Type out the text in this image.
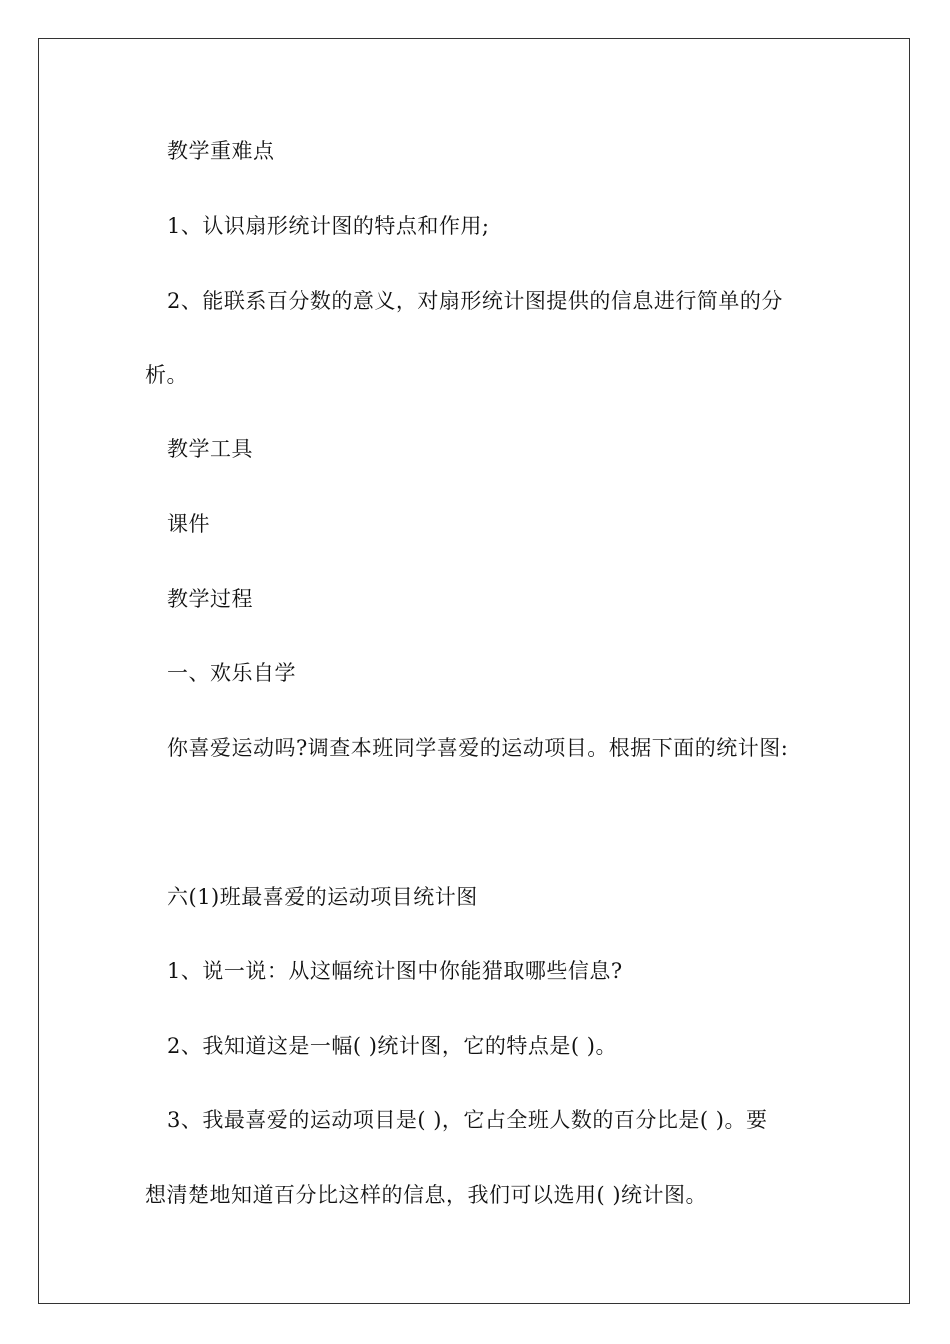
教学重难点
1、认识扇形统计图的特点和作用;
2、能联系百分数的意义，对扇形统计图提供的信息进行简单的分
析。
教学工具
课件
教学过程
一、欢乐自学
你喜爱运动吗?调查本班同学喜爱的运动项目。根据下面的统计图:
六(1)班最喜爱的运动项目统计图
1、说一说：从这幅统计图中你能猎取哪些信息?
2、我知道这是一幅( )统计图，它的特点是( )。
3、我最喜爱的运动项目是( )，它占全班人数的百分比是( )。要
想清楚地知道百分比这样的信息，我们可以选用( )统计图。
